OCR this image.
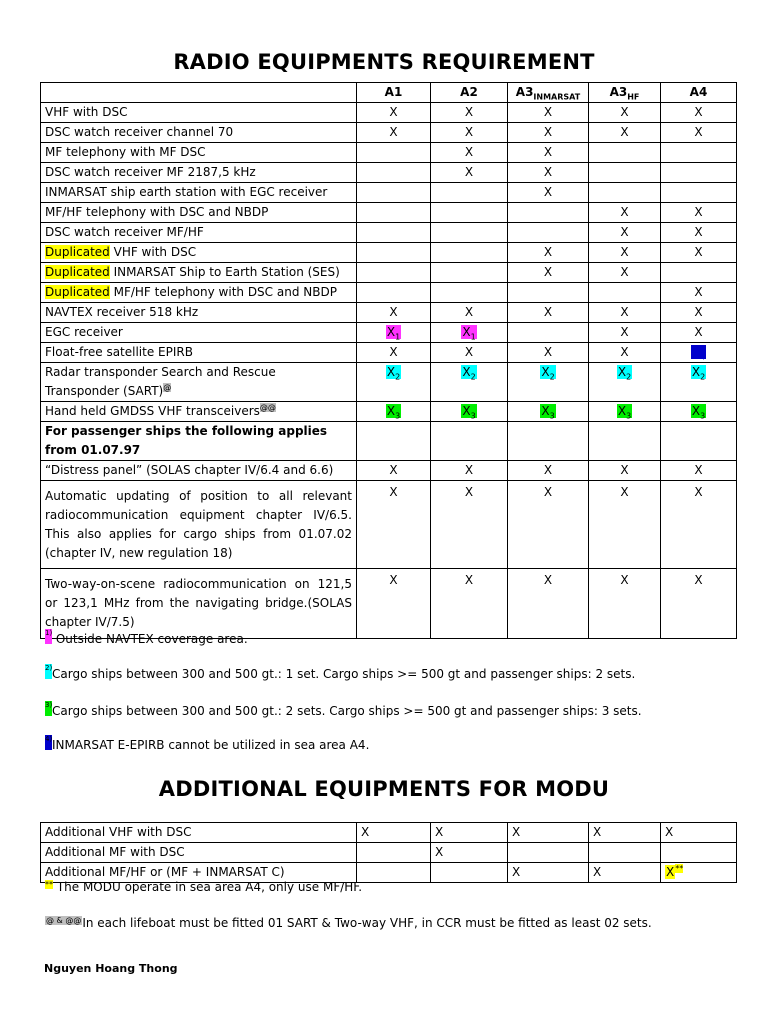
RADIO EQUIPMENTS REQUIREMENT
	A1	A2	$A3_{INMARSAT}$	$A3_{HF}$	A4
VHF with DSC	X	X	X	X	X
DSC watch receiver channel 70	X	X	X	X	X
MF telephony with MF DSC		X	X		
DSC watch receiver MF 2187,5 kHz		X	X		
INMARSAT ship earth station with EGC receiver			X		
MF/HF telephony with DSC and NBDP				X	X
DSC watch receiver MF/HF				X	X
Duplicated VHF with DSC			X	X	X
Duplicated INMARSAT Ship to Earth Station (SES)			X	X	
Duplicated MF/HF telephony with DSC and NBDP					X
NAVTEX receiver 518 kHz	X	X	X	X	X
EGC receiver	$X_1$	$X_1$		X	X
Float-free satellite EPIRB	X	X	X	X	$X_4$
Radar transponder Search and Rescue
Transponder (SART)@	$X_2$	$X_2$	$X_2$	$X_2$	$X_2$
Hand held GMDSS VHF transceivers@@	$X_3$	$X_3$	$X_3$	$X_3$	$X_3$
For passenger ships the following applies from 01.07.97					
“Distress panel” (SOLAS chapter IV/6.4 and 6.6)	X	X	X	X	X
Automatic updating of position to all relevant radiocommunication equipment chapter IV/6.5. This also applies for cargo ships from 01.07.02 (chapter IV, new regulation 18)	X	X	X	X	X
Two-way-on-scene radiocommunication on 121,5 or 123,1 MHz from the navigating bridge.(SOLAS chapter IV/7.5)	X	X	X	X	X
1) Outside NAVTEX coverage area.
2) Cargo ships between 300 and 500 gt.: 1 set. Cargo ships >= 500 gt and passenger ships: 2 sets.
3) Cargo ships between 300 and 500 gt.: 2 sets. Cargo ships >= 500 gt and passenger ships: 3 sets.
4) INMARSAT E-EPIRB cannot be utilized in sea area A4.
ADDITIONAL EQUIPMENTS FOR MODU
Additional VHF with DSC	X	X	X	X	X
Additional MF with DSC		X			
Additional MF/HF or (MF + INMARSAT C)			X	X	X**
** The MODU operate in sea area A4, only use MF/HF.
@ & @@In each lifeboat must be fitted 01 SART & Two-way VHF, in CCR must be fitted as least 02 sets.
Nguyen Hoang Thong
